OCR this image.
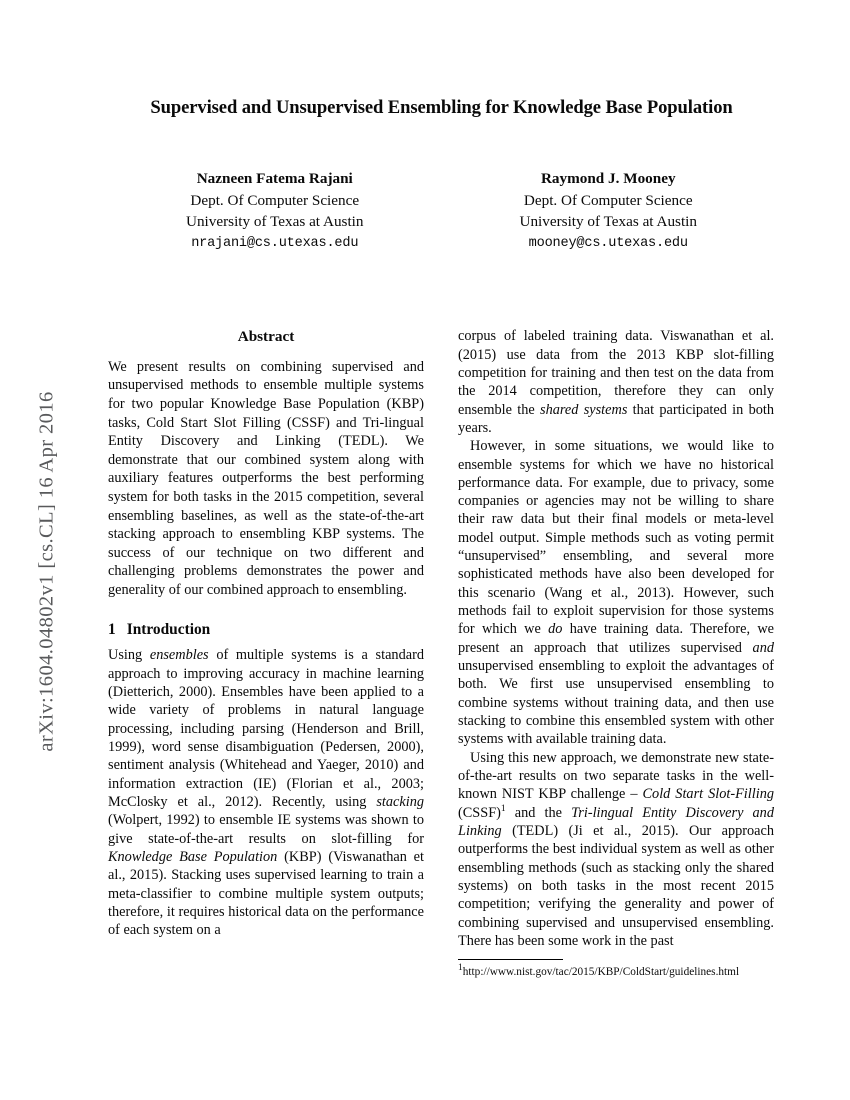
arXiv:1604.04802v1 [cs.CL] 16 Apr 2016
Supervised and Unsupervised Ensembling for Knowledge Base Population
Nazneen Fatema Rajani
Dept. Of Computer Science
University of Texas at Austin
nrajani@cs.utexas.edu
Raymond J. Mooney
Dept. Of Computer Science
University of Texas at Austin
mooney@cs.utexas.edu
Abstract
We present results on combining supervised and unsupervised methods to ensemble multiple systems for two popular Knowledge Base Population (KBP) tasks, Cold Start Slot Filling (CSSF) and Tri-lingual Entity Discovery and Linking (TEDL). We demonstrate that our combined system along with auxiliary features outperforms the best performing system for both tasks in the 2015 competition, several ensembling baselines, as well as the state-of-the-art stacking approach to ensembling KBP systems. The success of our technique on two different and challenging problems demonstrates the power and generality of our combined approach to ensembling.
1 Introduction

Using ensembles of multiple systems is a standard approach to improving accuracy in machine learning (Dietterich, 2000). Ensembles have been applied to a wide variety of problems in natural language processing, including parsing (Henderson and Brill, 1999), word sense disambiguation (Pedersen, 2000), sentiment analysis (Whitehead and Yaeger, 2010) and information extraction (IE) (Florian et al., 2003; McClosky et al., 2012). Recently, using stacking (Wolpert, 1992) to ensemble IE systems was shown to give state-of-the-art results on slot-filling for Knowledge Base Population (KBP) (Viswanathan et al., 2015). Stacking uses supervised learning to train a meta-classifier to combine multiple system outputs; therefore, it requires historical data on the performance of each system on a

corpus of labeled training data. Viswanathan et al. (2015) use data from the 2013 KBP slot-filling competition for training and then test on the data from the 2014 competition, therefore they can only ensemble the shared systems that participated in both years.

However, in some situations, we would like to ensemble systems for which we have no historical performance data. For example, due to privacy, some companies or agencies may not be willing to share their raw data but their final models or meta-level model output. Simple methods such as voting permit “unsupervised” ensembling, and several more sophisticated methods have also been developed for this scenario (Wang et al., 2013). However, such methods fail to exploit supervision for those systems for which we do have training data. Therefore, we present an approach that utilizes supervised and unsupervised ensembling to exploit the advantages of both. We first use unsupervised ensembling to combine systems without training data, and then use stacking to combine this ensembled system with other systems with available training data.

Using this new approach, we demonstrate new state-of-the-art results on two separate tasks in the well-known NIST KBP challenge – Cold Start Slot-Filling (CSSF)$^1$ and the Tri-lingual Entity Discovery and Linking (TEDL) (Ji et al., 2015). Our approach outperforms the best individual system as well as other ensembling methods (such as stacking only the shared systems) on both tasks in the most recent 2015 competition; verifying the generality and power of combining supervised and unsupervised ensembling. There has been some work in the past

$^1$http://www.nist.gov/tac/2015/KBP/ColdStart/guidelines.html
